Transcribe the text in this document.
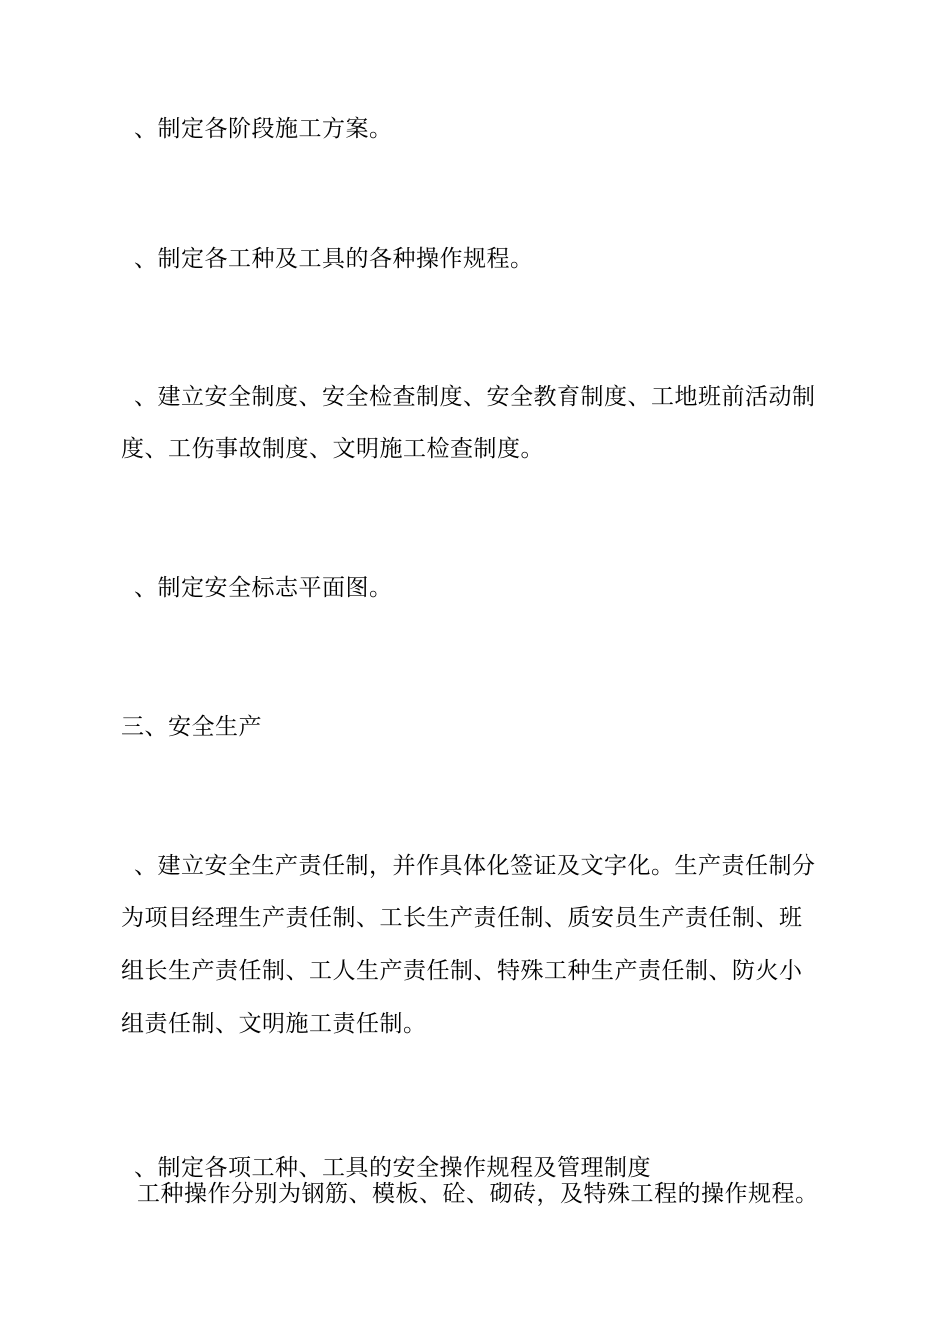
、制定各阶段施工方案。
、制定各工种及工具的各种操作规程。
、建立安全制度、安全检查制度、安全教育制度、工地班前活动制
度、工伤事故制度、文明施工检查制度。
、制定安全标志平面图。
三、安全生产
、建立安全生产责任制，并作具体化签证及文字化。生产责任制分
为项目经理生产责任制、工长生产责任制、质安员生产责任制、班
组长生产责任制、工人生产责任制、特殊工种生产责任制、防火小
组责任制、文明施工责任制。
、制定各项工种、工具的安全操作规程及管理制度
工种操作分别为钢筋、模板、砼、砌砖，及特殊工程的操作规程。
